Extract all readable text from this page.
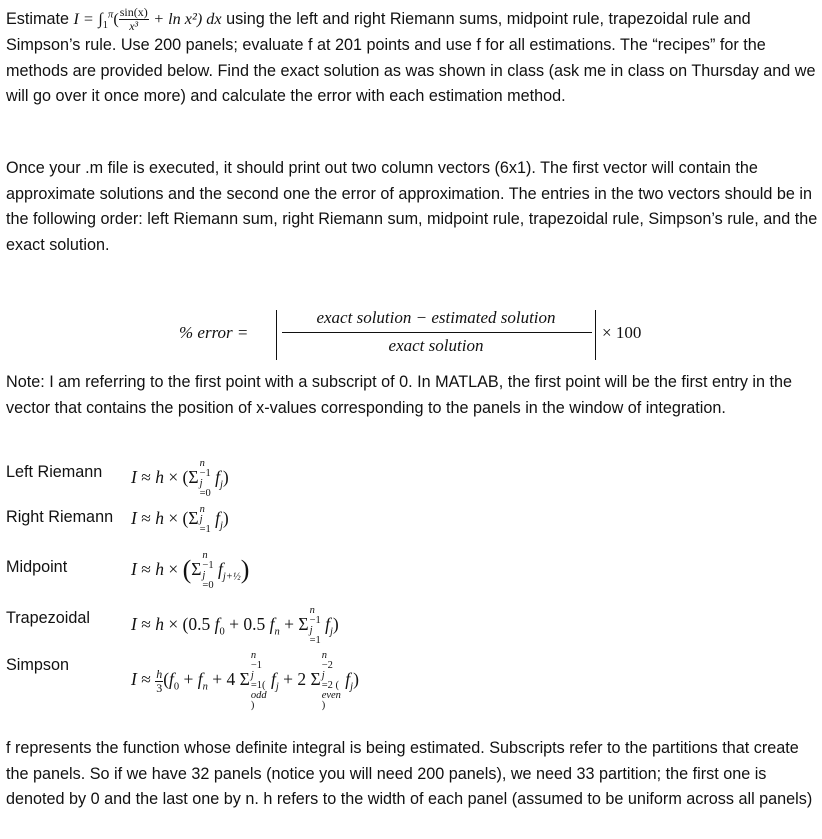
Estimate $I = \int_1^\pi( \frac{\sin(x)}{\text{x³}} + \ln x^2)$ dx using the left and right Riemann sums, midpoint rule, trapezoidal rule and Simpson’s rule. Use 200 panels; evaluate f at 201 points and use f for all estimations. The “recipes” for the methods are provided below. Find the exact solution as was shown in class (ask me in class on Thursday and we will go over it once more) and calculate the error with each estimation method.

Once your .m file is executed, it should print out two column vectors (6x1). The first vector will contain the approximate solutions and the second one the error of approximation. The entries in the two vectors should be in the following order: left Riemann sum, right Riemann sum, midpoint rule, trapezoidal rule, Simpson’s rule, and the exact solution.

% error =
exact solution − estimated solution
exact solution
× 100

Note: I am referring to the first point with a subscript of 0. In MATLAB, the first point will be the first entry in the vector that contains the position of x-values corresponding to the panels in the window of integration.

Left Riemann I ≈ h × (Σ
n
−1
j
=0
$f_j$)
Right Riemann I ≈ h × (Σ n
j
=1
$f_j$)
Midpoint	I ≈ h × (Σ
n
−1
j
=0
$f_{j+\frac{1}{2}}$)
Trapezoidal I ≈ h × (0.5 $f_0 + 0.5$ $f_n + \Sigma$
n
−1
j
=1
$f_j$)
Simpson
$I \approx \frac{h}{3} (f_0 + f_n + 4$ Σ
n
−1
j
=1(
odd
)
$f_j + 2$ Σ
n
−2
j
=2 (
even
)
$f_j$)

f represents the function whose definite integral is being estimated. Subscripts refer to the partitions that create the panels. So if we have 32 panels (notice you will need 200 panels), we need 33 partition; the first one is denoted by 0 and the last one by n. h refers to the width of each panel (assumed to be uniform across all panels)
